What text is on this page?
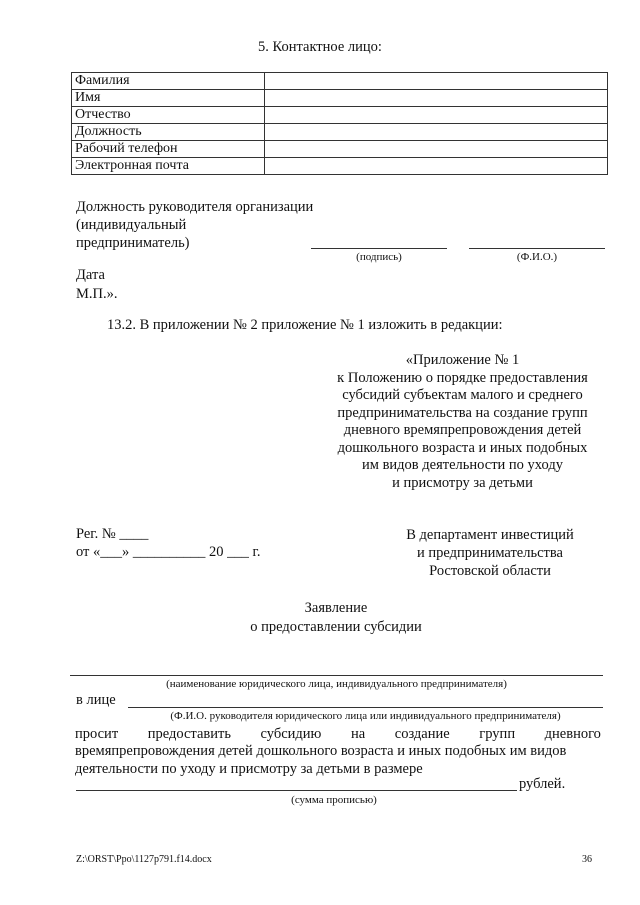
5. Контактное лицо:
Фамилия	
Имя	
Отчество	
Должность	
Рабочий телефон	
Электронная почта	
Должность руководителя организации
(индивидуальный
предприниматель)
(подпись)	(Ф.И.О.)
Дата
М.П.».
13.2. В приложении № 2 приложение № 1 изложить в редакции:
«Приложение № 1
к Положению о порядке предоставления
субсидий субъектам малого и среднего
предпринимательства на создание групп
дневного времяпрепровождения детей
дошкольного возраста и иных подобных
им видов деятельности по уходу
и присмотру за детьми
Рег. № ____
от «___» __________ 20 ___ г.
В департамент инвестиций
и предпринимательства
Ростовской области
Заявление
о предоставлении субсидии
(наименование юридического лица, индивидуального предпринимателя)
в лице
(Ф.И.О. руководителя юридического лица или индивидуального предпринимателя)
просит предоставить субсидию на создание групп дневного
времяпрепровождения детей дошкольного возраста и иных подобных им видов
деятельности по уходу и присмотру за детьми в размере
рублей.
(сумма прописью)
Z:\ORST\Ppo\1127p791.f14.docx	36
